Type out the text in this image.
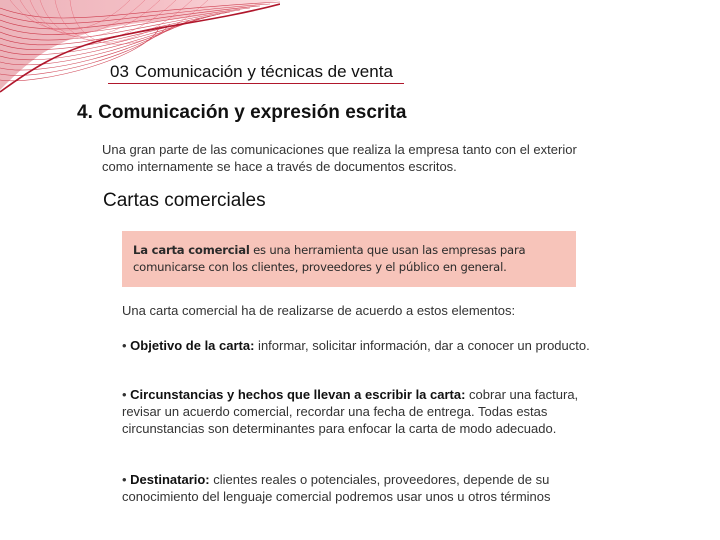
03 Comunicación y técnicas de venta
4. Comunicación y expresión escrita
Una gran parte de las comunicaciones que realiza la empresa tanto con el exterior como internamente se hace a través de documentos escritos.
Cartas comerciales
La carta comercial es una herramienta que usan las empresas para comunicarse con los clientes, proveedores y el público en general.
Una carta comercial ha de realizarse de acuerdo a estos elementos:
• Objetivo de la carta: informar, solicitar información, dar a conocer un producto.
• Circunstancias y hechos que llevan a escribir la carta: cobrar una factura, revisar un acuerdo comercial, recordar una fecha de entrega. Todas estas circunstancias son determinantes para enfocar la carta de modo adecuado.
• Destinatario: clientes reales o potenciales, proveedores, depende de su conocimiento del lenguaje comercial podremos usar unos u otros términos
